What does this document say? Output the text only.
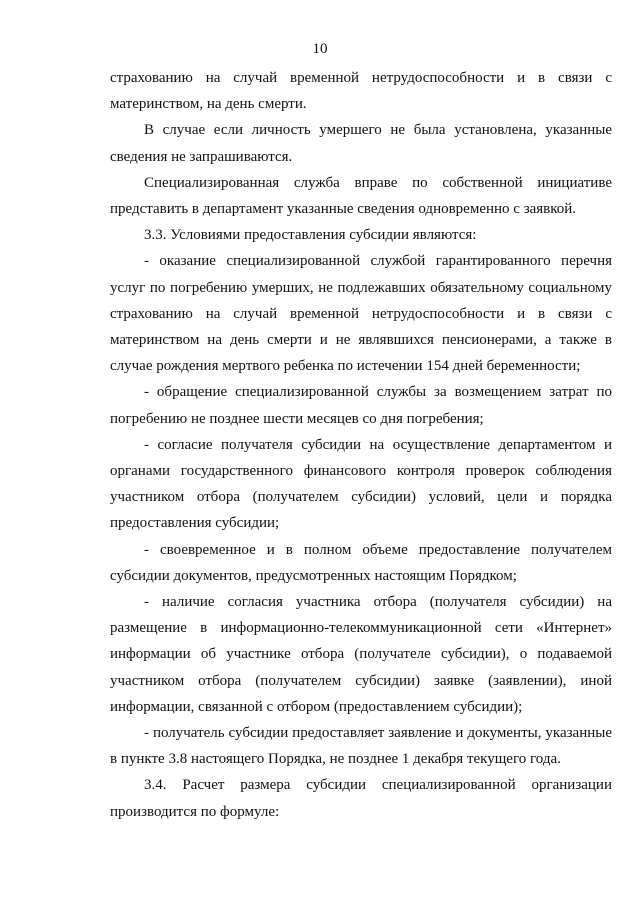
10

страхованию на случай временной нетрудоспособности и в связи с материнством, на день смерти.

В случае если личность умершего не была установлена, указанные сведения не запрашиваются.

Специализированная служба вправе по собственной инициативе представить в департамент указанные сведения одновременно с заявкой.

3.3. Условиями предоставления субсидии являются:

- оказание специализированной службой гарантированного перечня услуг по погребению умерших, не подлежавших обязательному социальному страхованию на случай временной нетрудоспособности и в связи с материнством на день смерти и не являвшихся пенсионерами, а также в случае рождения мертвого ребенка по истечении 154 дней беременности;

- обращение специализированной службы за возмещением затрат по погребению не позднее шести месяцев со дня погребения;

- согласие получателя субсидии на осуществление департаментом и органами государственного финансового контроля проверок соблюдения участником отбора (получателем субсидии) условий, цели и порядка предоставления субсидии;

- своевременное и в полном объеме предоставление получателем субсидии документов, предусмотренных настоящим Порядком;

- наличие согласия участника отбора (получателя субсидии) на размещение в информационно-телекоммуникационной сети «Интернет» информации об участнике отбора (получателе субсидии), о подаваемой участником отбора (получателем субсидии) заявке (заявлении), иной информации, связанной с отбором (предоставлением субсидии);

- получатель субсидии предоставляет заявление и документы, указанные в пункте 3.8 настоящего Порядка, не позднее 1 декабря текущего года.

3.4. Расчет размера субсидии специализированной организации производится по формуле:
